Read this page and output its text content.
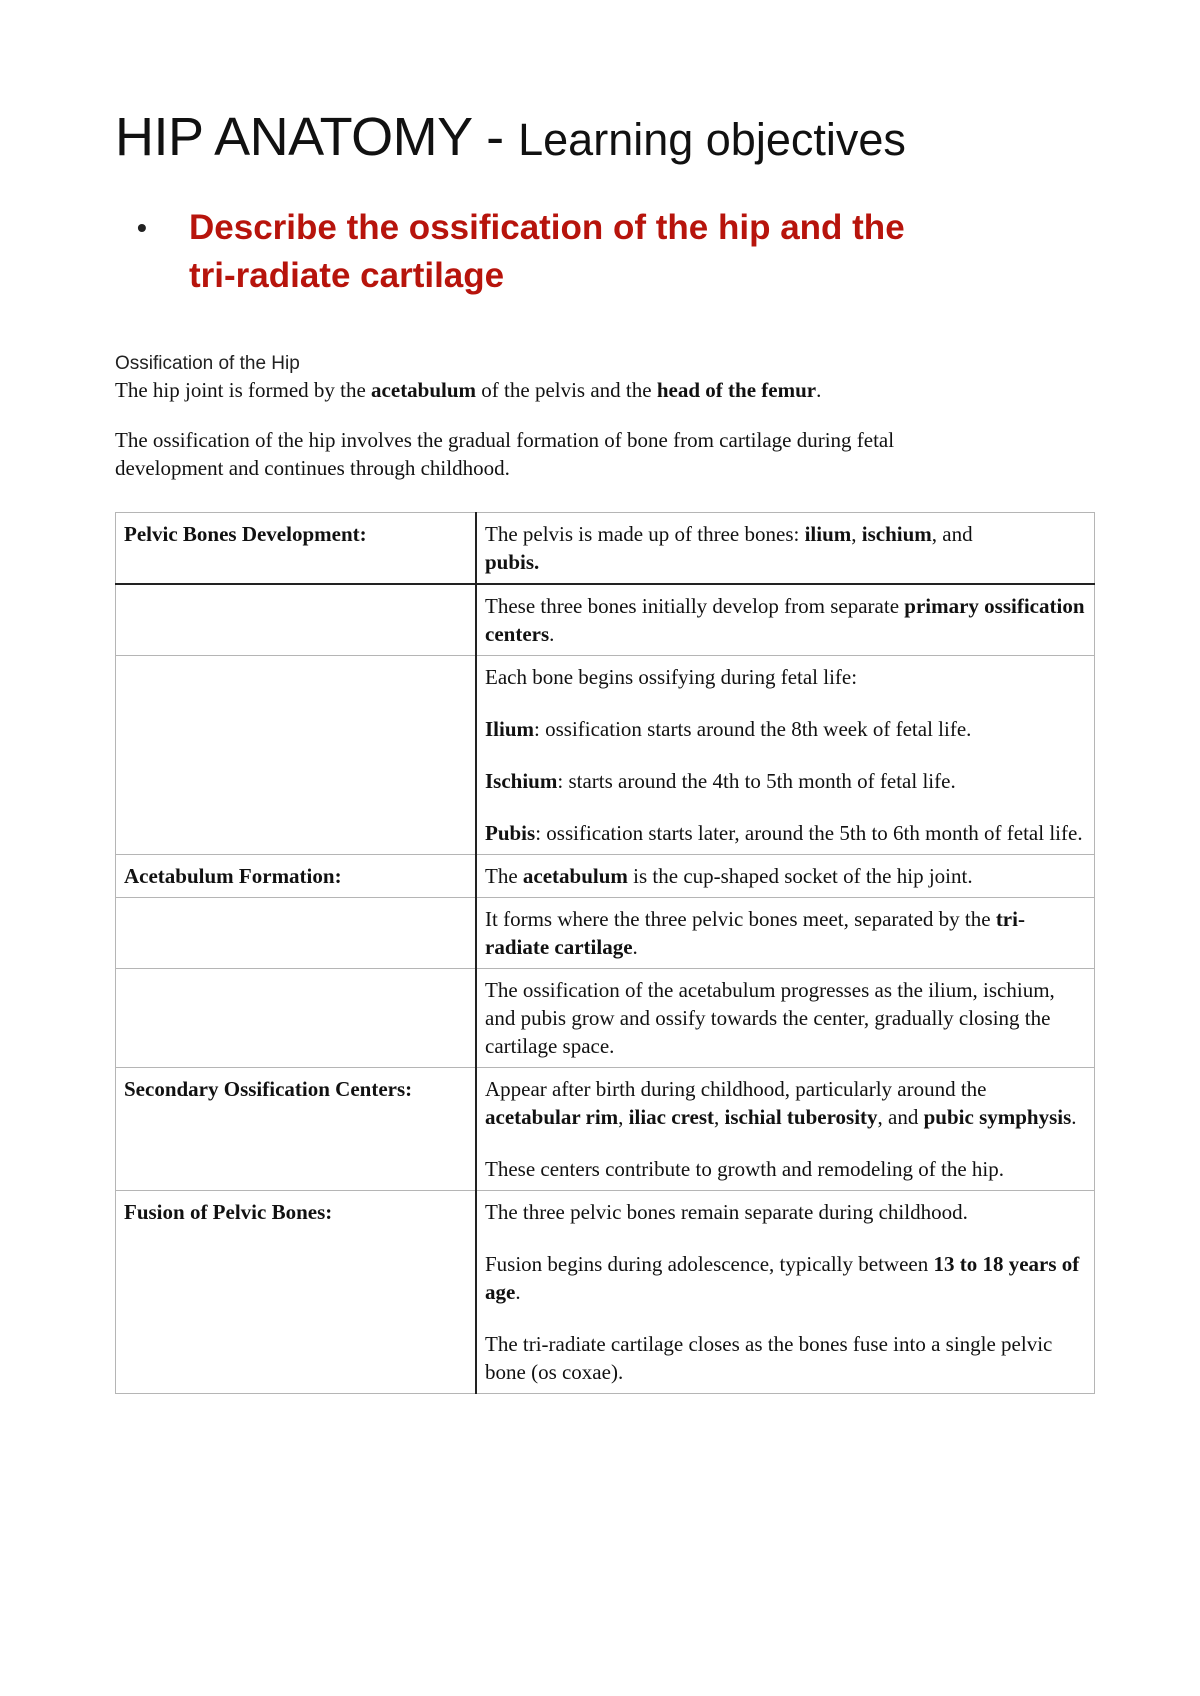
HIP ANATOMY - Learning objectives
• Describe the ossification of the hip and the
tri-radiate cartilage
Ossification of the Hip

The hip joint is formed by the acetabulum of the pelvis and the head of the femur.

The ossification of the hip involves the gradual formation of bone from cartilage during fetal
development and continues through childhood.

Pelvic Bones Development:	The pelvis is made up of three bones: ilium, ischium, and
pubis.
	These three bones initially develop from separate primary ossification centers.

	Each bone begins ossifying during fetal life:

Ilium: ossification starts around the 8th week of fetal life.

Ischium: starts around the 4th to 5th month of fetal life.

Pubis: ossification starts later, around the 5th to 6th month of fetal life.

Acetabulum Formation:	The acetabulum is the cup-shaped socket of the hip joint.
	It forms where the three pelvic bones meet, separated by the tri-radiate cartilage.
	The ossification of the acetabulum progresses as the ilium, ischium, and pubis grow and ossify towards the center, gradually closing the cartilage space.
Secondary Ossification Centers:	Appear after birth during childhood, particularly around the acetabular rim, iliac crest, ischial tuberosity, and pubic symphysis.

These centers contribute to growth and remodeling of the hip.

Fusion of Pelvic Bones:	The three pelvic bones remain separate during childhood.

Fusion begins during adolescence, typically between 13 to 18 years of age.

The tri-radiate cartilage closes as the bones fuse into a single pelvic bone (os coxae).
